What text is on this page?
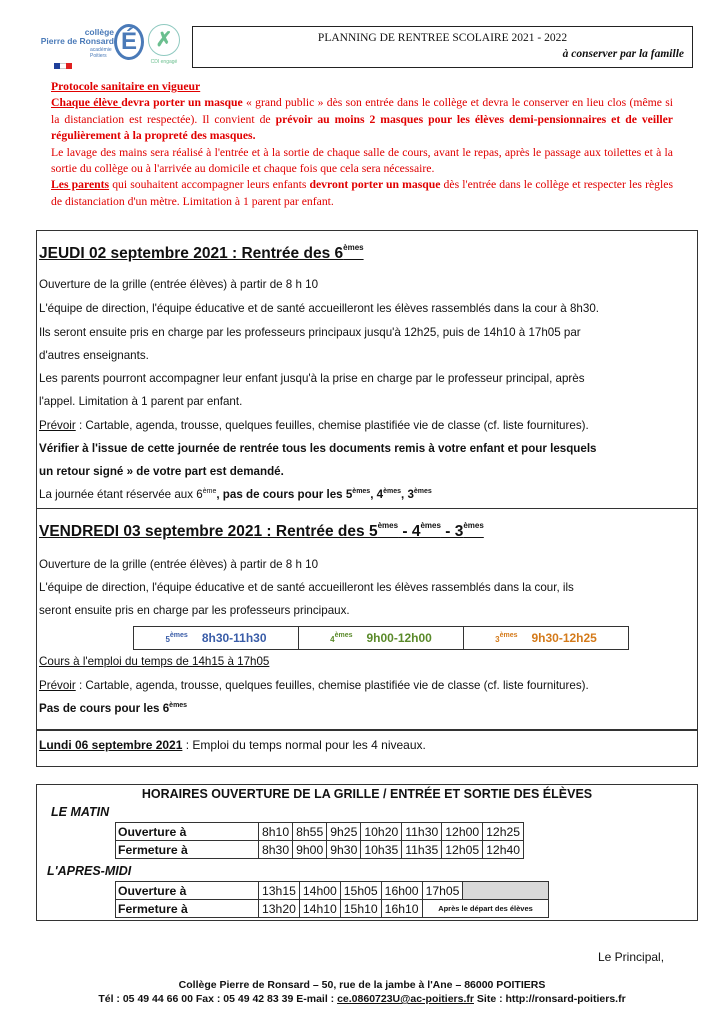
collège
Pierre de Ronsard
académie
Poitiers
É ✗
CDI engagé
PLANNING DE RENTREE SCOLAIRE 2021 - 2022
à conserver par la famille

Protocole sanitaire en vigueur

Chaque élève devra porter un masque « grand public » dès son entrée dans le collège et devra le conserver en lieu clos (même si la distanciation est respectée). Il convient de prévoir au moins 2 masques pour les élèves demi-pensionnaires et de veiller régulièrement à la propreté des masques.

Le lavage des mains sera réalisé à l'entrée et à la sortie de chaque salle de cours, avant le repas, après le passage aux toilettes et à la sortie du collège ou à l'arrivée au domicile et chaque fois que cela sera nécessaire.

Les parents qui souhaitent accompagner leurs enfants devront porter un masque dès l'entrée dans le collège et respecter les règles de distanciation d'un mètre. Limitation à 1 parent par enfant.

JEUDI 02 septembre 2021 : Rentrée des 6èmes
Ouverture de la grille (entrée élèves) à partir de 8 h 10
L'équipe de direction, l'équipe éducative et de santé accueilleront les élèves rassemblés dans la cour à 8h30.
Ils seront ensuite pris en charge par les professeurs principaux jusqu'à 12h25, puis de 14h10 à 17h05 par
d'autres enseignants.
Les parents pourront accompagner leur enfant jusqu'à la prise en charge par le professeur principal, après
l'appel. Limitation à 1 parent par enfant.
Prévoir : Cartable, agenda, trousse, quelques feuilles, chemise plastifiée vie de classe (cf. liste fournitures).
Vérifier à l'issue de cette journée de rentrée tous les documents remis à votre enfant et pour lesquels
un retour signé » de votre part est demandé.
La journée étant réservée aux 6ème, pas de cours pour les 5èmes, 4èmes, 3èmes
VENDREDI 03 septembre 2021 : Rentrée des 5èmes - 4èmes - 3èmes
Ouverture de la grille (entrée élèves) à partir de 8 h 10
L'équipe de direction, l'équipe éducative et de santé accueilleront les élèves rassemblés dans la cour, ils
seront ensuite pris en charge par les professeurs principaux.
5èmes 8h30-11h30	4èmes 9h00-12h00	3èmes 9h30-12h25
Cours à l'emploi du temps de 14h15 à 17h05
Prévoir : Cartable, agenda, trousse, quelques feuilles, chemise plastifiée vie de classe (cf. liste fournitures).
Pas de cours pour les 6èmes
Lundi 06 septembre 2021 : Emploi du temps normal pour les 4 niveaux.
HORAIRES OUVERTURE DE LA GRILLE / ENTRÉE ET SORTIE DES ÉLÈVES
LE MATIN
Ouverture à	8h10	8h55	9h25	10h20	11h30	12h00	12h25
Fermeture à	8h30	9h00	9h30	10h35	11h35	12h05	12h40
L'APRES-MIDI
Ouverture à	13h15	14h00	15h05	16h00	17h05	
Fermeture à	13h20	14h10	15h10	16h10	Après le départ des élèves	
Le Principal,
Collège Pierre de Ronsard – 50, rue de la jambe à l'Ane – 86000 POITIERS
Tél : 05 49 44 66 00 Fax : 05 49 42 83 39 E-mail : ce.0860723U@ac-poitiers.fr Site : http://ronsard-poitiers.fr
